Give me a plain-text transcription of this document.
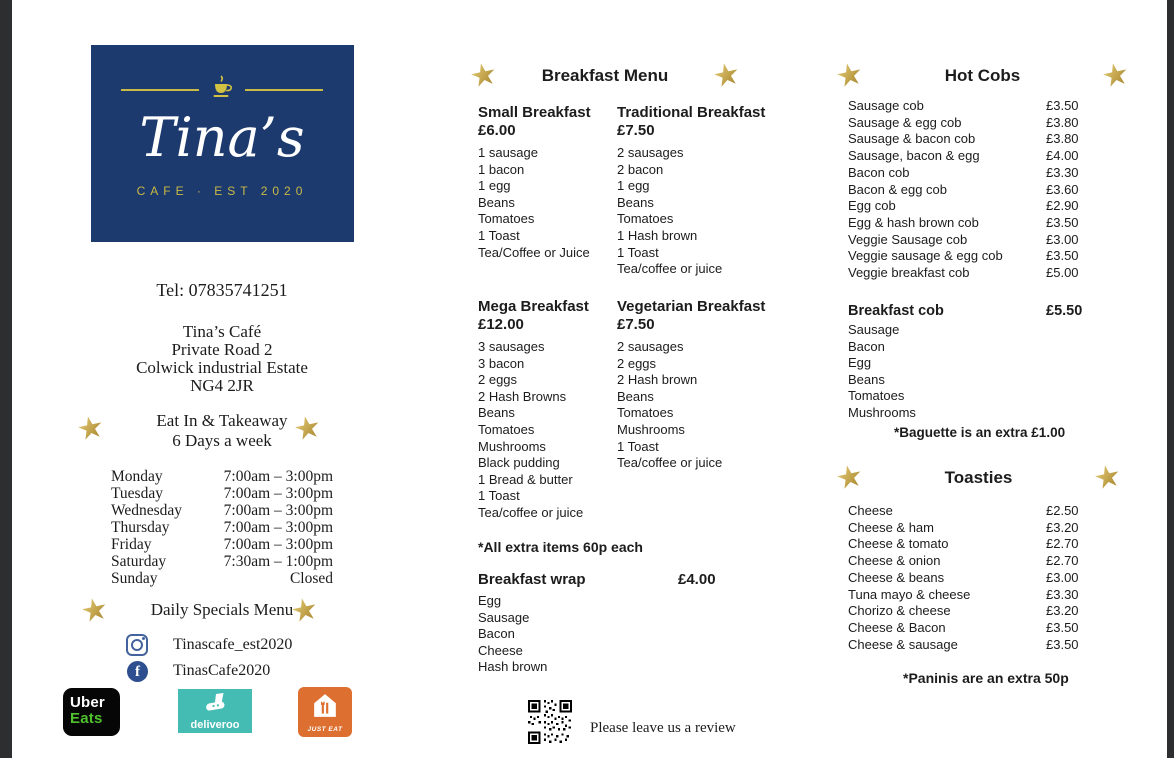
Tina’s
CAFE · EST 2020
Tel: 07835741251
Tina’s Café
Private Road 2
Colwick industrial Estate
NG4 2JR
Eat In & Takeaway
6 Days a week
Monday	7:00am – 3:00pm
Tuesday	7:00am – 3:00pm
Wednesday	7:00am – 3:00pm
Thursday	7:00am – 3:00pm
Friday	7:00am – 3:00pm
Saturday	7:30am – 1:00pm
Sunday	Closed
Daily Specials Menu
Tinascafe_est2020
f	TinasCafe2020
Uber
Eats	deliveroo	JUST EAT
Breakfast Menu
Small Breakfast
£6.00
1 sausage
1 bacon
1 egg
Beans
Tomatoes
1 Toast
Tea/Coffee or Juice
Traditional Breakfast
£7.50
2 sausages
2 bacon
1 egg
Beans
Tomatoes
1 Hash brown
1 Toast
Tea/coffee or juice
Mega Breakfast
£12.00
3 sausages
3 bacon
2 eggs
2 Hash Browns
Beans
Tomatoes
Mushrooms
Black pudding
1 Bread & butter
1 Toast
Tea/coffee or juice
Vegetarian Breakfast
£7.50
2 sausages
2 eggs
2 Hash brown
Beans
Tomatoes
Mushrooms
1 Toast
Tea/coffee or juice
*All extra items 60p each
Breakfast wrap	£4.00
Egg
Sausage
Bacon
Cheese
Hash brown
Please leave us a review
Hot Cobs
Sausage cob	£3.50
Sausage & egg cob	£3.80
Sausage & bacon cob	£3.80
Sausage, bacon & egg	£4.00
Bacon cob	£3.30
Bacon & egg cob	£3.60
Egg cob	£2.90
Egg & hash brown cob	£3.50
Veggie Sausage cob	£3.00
Veggie sausage & egg cob	£3.50
Veggie breakfast cob	£5.00
Breakfast cob	£5.50
Sausage
Bacon
Egg
Beans
Tomatoes
Mushrooms
*Baguette is an extra £1.00
Toasties
Cheese	£2.50
Cheese & ham	£3.20
Cheese & tomato	£2.70
Cheese & onion	£2.70
Cheese & beans	£3.00
Tuna mayo & cheese	£3.30
Chorizo & cheese	£3.20
Cheese & Bacon	£3.50
Cheese & sausage	£3.50
*Paninis are an extra 50p
